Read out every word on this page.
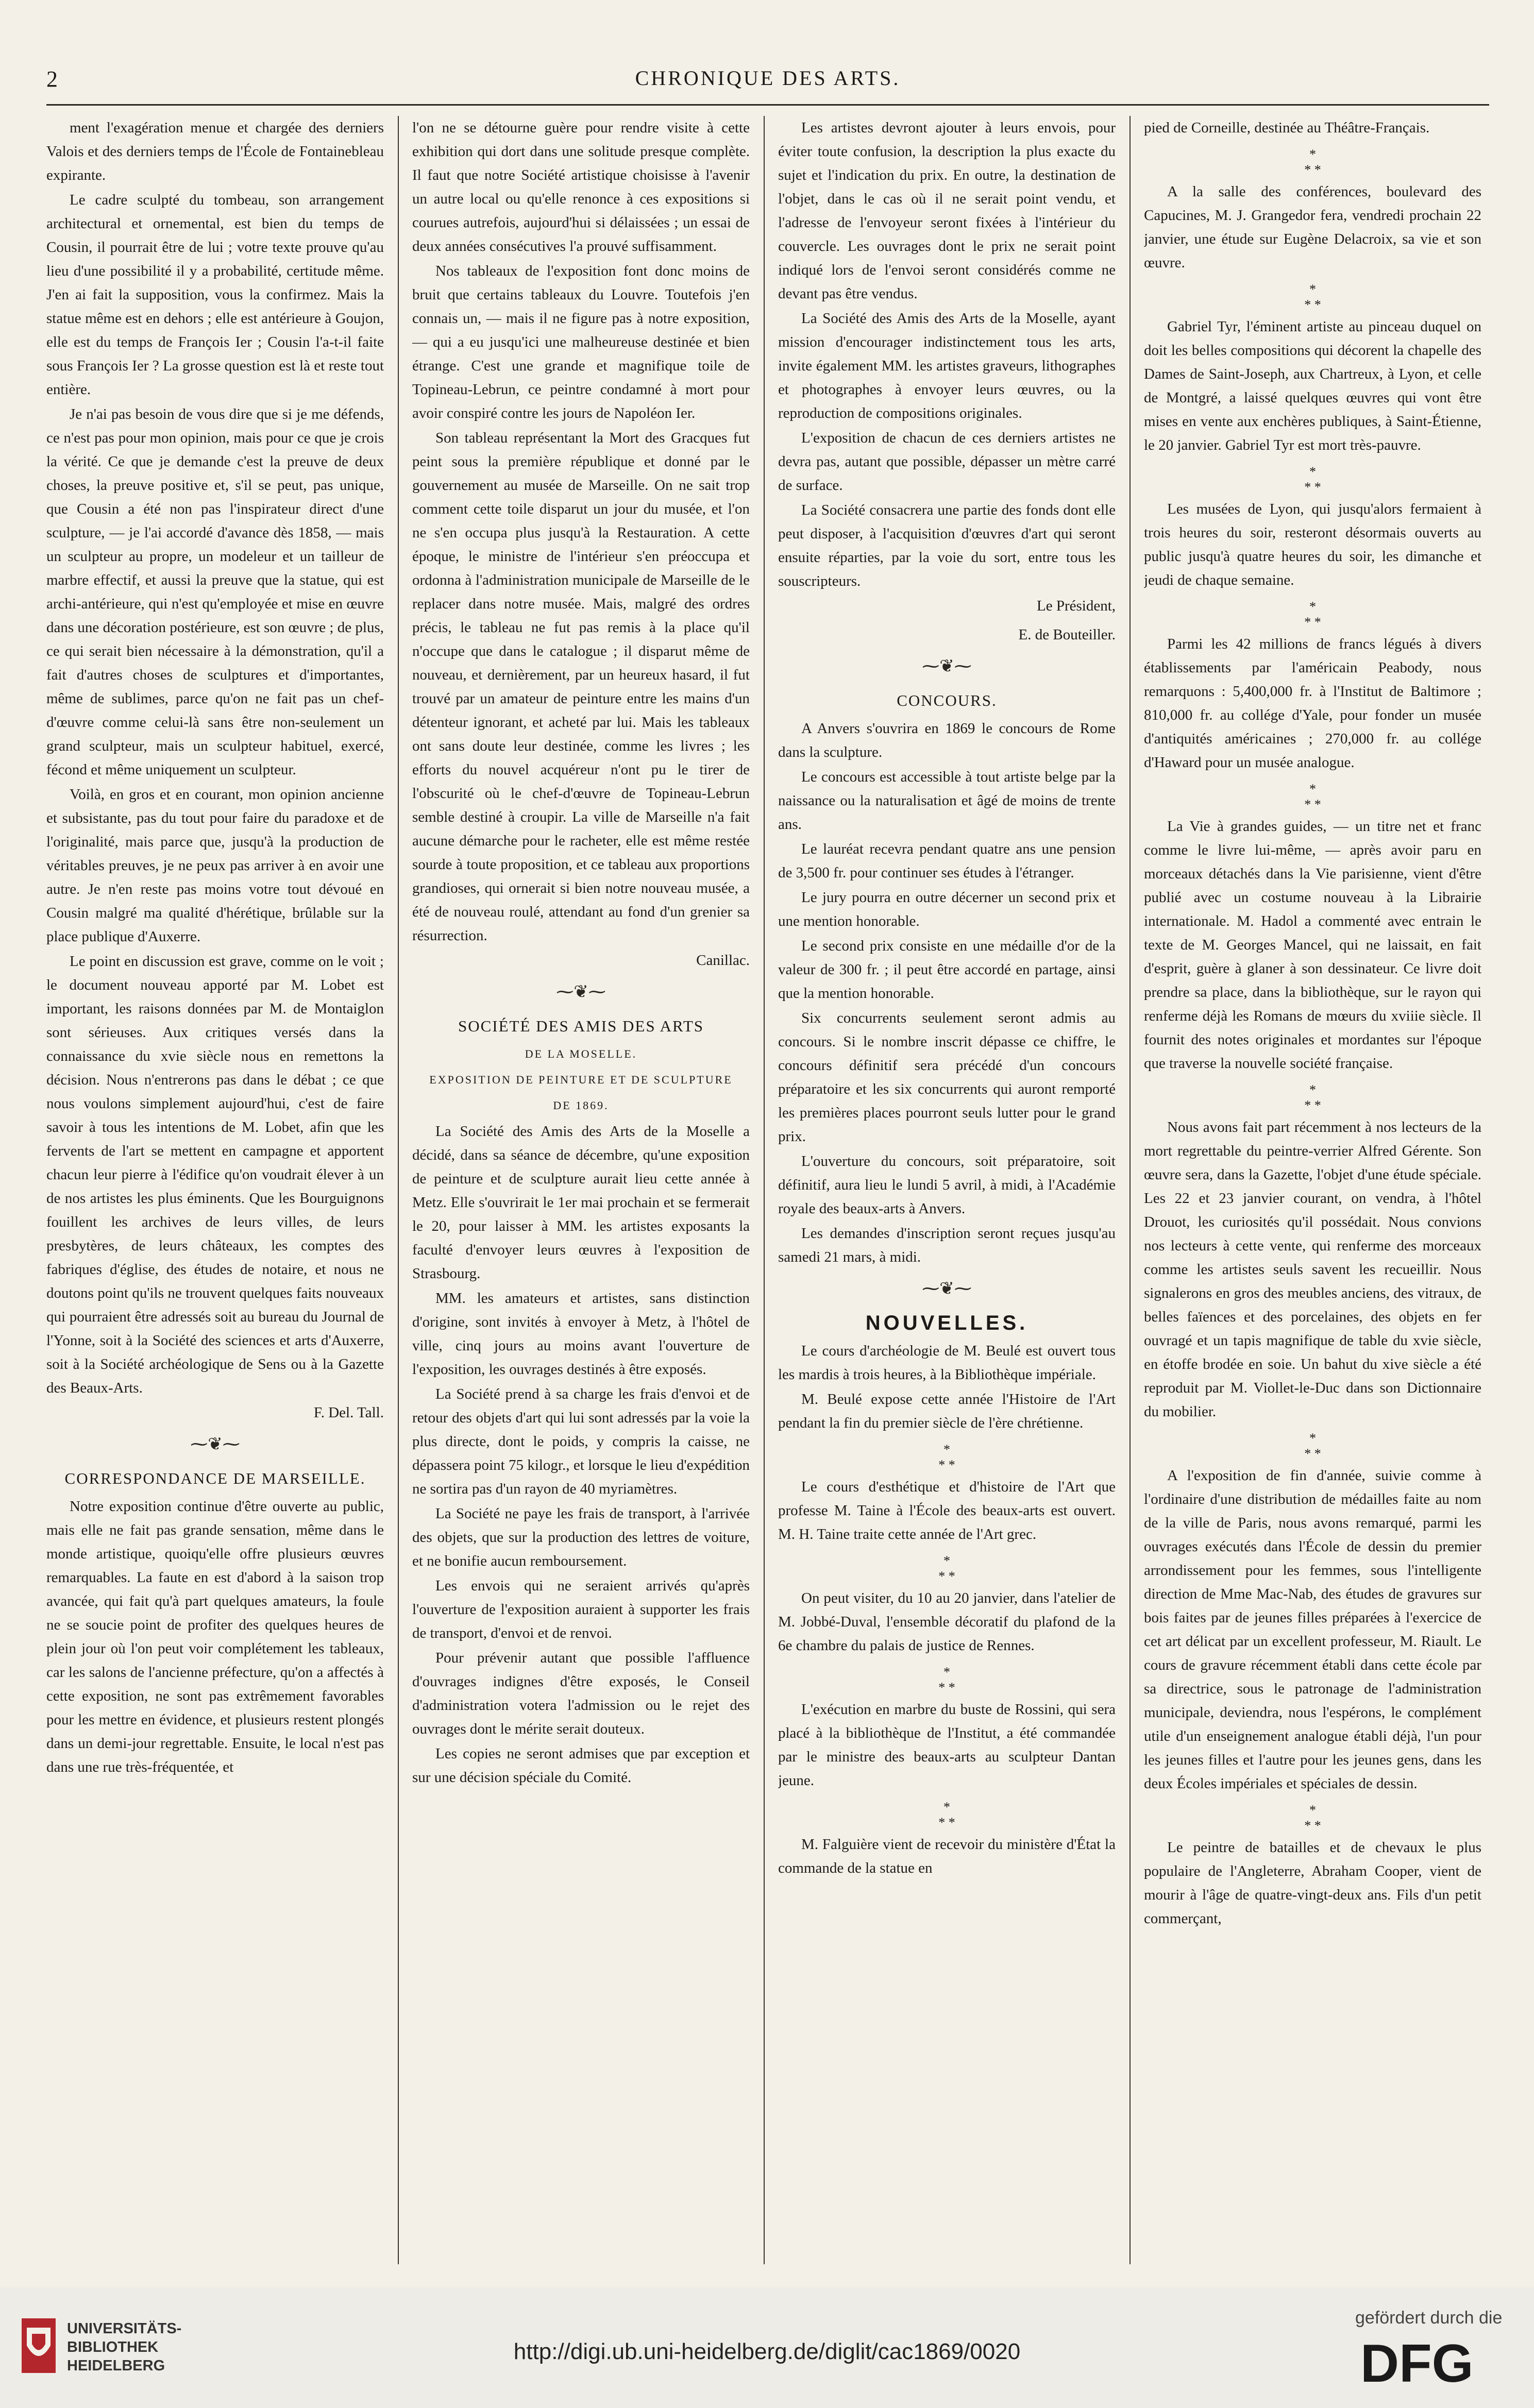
2	CHRONIQUE DES ARTS.

ment l'exagération menue et chargée des derniers Valois et des derniers temps de l'École de Fontainebleau expirante.

Le cadre sculpté du tombeau, son arrangement architectural et ornemental, est bien du temps de Cousin, il pourrait être de lui ; votre texte prouve qu'au lieu d'une possibilité il y a probabilité, certitude même. J'en ai fait la supposition, vous la confirmez. Mais la statue même est en dehors ; elle est antérieure à Goujon, elle est du temps de François Ier ; Cousin l'a-t-il faite sous François Ier ? La grosse question est là et reste tout entière.

Je n'ai pas besoin de vous dire que si je me défends, ce n'est pas pour mon opinion, mais pour ce que je crois la vérité. Ce que je demande c'est la preuve de deux choses, la preuve positive et, s'il se peut, pas unique, que Cousin a été non pas l'inspirateur direct d'une sculpture, — je l'ai accordé d'avance dès 1858, — mais un sculpteur au propre, un modeleur et un tailleur de marbre effectif, et aussi la preuve que la statue, qui est archi-antérieure, qui n'est qu'employée et mise en œuvre dans une décoration postérieure, est son œuvre ; de plus, ce qui serait bien nécessaire à la démonstration, qu'il a fait d'autres choses de sculptures et d'importantes, même de sublimes, parce qu'on ne fait pas un chef-d'œuvre comme celui-là sans être non-seulement un grand sculpteur, mais un sculpteur habituel, exercé, fécond et même uniquement un sculpteur.

Voilà, en gros et en courant, mon opinion ancienne et subsistante, pas du tout pour faire du paradoxe et de l'originalité, mais parce que, jusqu'à la production de véritables preuves, je ne peux pas arriver à en avoir une autre. Je n'en reste pas moins votre tout dévoué en Cousin malgré ma qualité d'hérétique, brûlable sur la place publique d'Auxerre.

Le point en discussion est grave, comme on le voit ; le document nouveau apporté par M. Lobet est important, les raisons données par M. de Montaiglon sont sérieuses. Aux critiques versés dans la connaissance du xvie siècle nous en remettons la décision. Nous n'entrerons pas dans le débat ; ce que nous voulons simplement aujourd'hui, c'est de faire savoir à tous les intentions de M. Lobet, afin que les fervents de l'art se mettent en campagne et apportent chacun leur pierre à l'édifice qu'on voudrait élever à un de nos artistes les plus éminents. Que les Bourguignons fouillent les archives de leurs villes, de leurs presbytères, de leurs châteaux, les comptes des fabriques d'église, des études de notaire, et nous ne doutons point qu'ils ne trouvent quelques faits nouveaux qui pourraient être adressés soit au bureau du Journal de l'Yonne, soit à la Société des sciences et arts d'Auxerre, soit à la Société archéologique de Sens ou à la Gazette des Beaux-Arts.

F. Del. Tall.
⁓❦⁓
CORRESPONDANCE DE MARSEILLE.

Notre exposition continue d'être ouverte au public, mais elle ne fait pas grande sensation, même dans le monde artistique, quoiqu'elle offre plusieurs œuvres remarquables. La faute en est d'abord à la saison trop avancée, qui fait qu'à part quelques amateurs, la foule ne se soucie point de profiter des quelques heures de plein jour où l'on peut voir complétement les tableaux, car les salons de l'ancienne préfecture, qu'on a affectés à cette exposition, ne sont pas extrêmement favorables pour les mettre en évidence, et plusieurs restent plongés dans un demi-jour regrettable. Ensuite, le local n'est pas dans une rue très-fréquentée, et

l'on ne se détourne guère pour rendre visite à cette exhibition qui dort dans une solitude presque complète. Il faut que notre Société artistique choisisse à l'avenir un autre local ou qu'elle renonce à ces expositions si courues autrefois, aujourd'hui si délaissées ; un essai de deux années consécutives l'a prouvé suffisamment.

Nos tableaux de l'exposition font donc moins de bruit que certains tableaux du Louvre. Toutefois j'en connais un, — mais il ne figure pas à notre exposition, — qui a eu jusqu'ici une malheureuse destinée et bien étrange. C'est une grande et magnifique toile de Topineau-Lebrun, ce peintre condamné à mort pour avoir conspiré contre les jours de Napoléon Ier.

Son tableau représentant la Mort des Gracques fut peint sous la première république et donné par le gouvernement au musée de Marseille. On ne sait trop comment cette toile disparut un jour du musée, et l'on ne s'en occupa plus jusqu'à la Restauration. A cette époque, le ministre de l'intérieur s'en préoccupa et ordonna à l'administration municipale de Marseille de le replacer dans notre musée. Mais, malgré des ordres précis, le tableau ne fut pas remis à la place qu'il n'occupe que dans le catalogue ; il disparut même de nouveau, et dernièrement, par un heureux hasard, il fut trouvé par un amateur de peinture entre les mains d'un détenteur ignorant, et acheté par lui. Mais les tableaux ont sans doute leur destinée, comme les livres ; les efforts du nouvel acquéreur n'ont pu le tirer de l'obscurité où le chef-d'œuvre de Topineau-Lebrun semble destiné à croupir. La ville de Marseille n'a fait aucune démarche pour le racheter, elle est même restée sourde à toute proposition, et ce tableau aux proportions grandioses, qui ornerait si bien notre nouveau musée, a été de nouveau roulé, attendant au fond d'un grenier sa résurrection.

Canillac.
⁓❦⁓
SOCIÉTÉ DES AMIS DES ARTS
DE LA MOSELLE.
EXPOSITION DE PEINTURE ET DE SCULPTURE
DE 1869.

La Société des Amis des Arts de la Moselle a décidé, dans sa séance de décembre, qu'une exposition de peinture et de sculpture aurait lieu cette année à Metz. Elle s'ouvrirait le 1er mai prochain et se fermerait le 20, pour laisser à MM. les artistes exposants la faculté d'envoyer leurs œuvres à l'exposition de Strasbourg.

MM. les amateurs et artistes, sans distinction d'origine, sont invités à envoyer à Metz, à l'hôtel de ville, cinq jours au moins avant l'ouverture de l'exposition, les ouvrages destinés à être exposés.

La Société prend à sa charge les frais d'envoi et de retour des objets d'art qui lui sont adressés par la voie la plus directe, dont le poids, y compris la caisse, ne dépassera point 75 kilogr., et lorsque le lieu d'expédition ne sortira pas d'un rayon de 40 myriamètres.

La Société ne paye les frais de transport, à l'arrivée des objets, que sur la production des lettres de voiture, et ne bonifie aucun remboursement.

Les envois qui ne seraient arrivés qu'après l'ouverture de l'exposition auraient à supporter les frais de transport, d'envoi et de renvoi.

Pour prévenir autant que possible l'affluence d'ouvrages indignes d'être exposés, le Conseil d'administration votera l'admission ou le rejet des ouvrages dont le mérite serait douteux.

Les copies ne seront admises que par exception et sur une décision spéciale du Comité.

Les artistes devront ajouter à leurs envois, pour éviter toute confusion, la description la plus exacte du sujet et l'indication du prix. En outre, la destination de l'objet, dans le cas où il ne serait point vendu, et l'adresse de l'envoyeur seront fixées à l'intérieur du couvercle. Les ouvrages dont le prix ne serait point indiqué lors de l'envoi seront considérés comme ne devant pas être vendus.

La Société des Amis des Arts de la Moselle, ayant mission d'encourager indistinctement tous les arts, invite également MM. les artistes graveurs, lithographes et photographes à envoyer leurs œuvres, ou la reproduction de compositions originales.

L'exposition de chacun de ces derniers artistes ne devra pas, autant que possible, dépasser un mètre carré de surface.

La Société consacrera une partie des fonds dont elle peut disposer, à l'acquisition d'œuvres d'art qui seront ensuite réparties, par la voie du sort, entre tous les souscripteurs.

Le Président,
E. de Bouteiller.
⁓❦⁓
CONCOURS.

A Anvers s'ouvrira en 1869 le concours de Rome dans la sculpture.

Le concours est accessible à tout artiste belge par la naissance ou la naturalisation et âgé de moins de trente ans.

Le lauréat recevra pendant quatre ans une pension de 3,500 fr. pour continuer ses études à l'étranger.

Le jury pourra en outre décerner un second prix et une mention honorable.

Le second prix consiste en une médaille d'or de la valeur de 300 fr. ; il peut être accordé en partage, ainsi que la mention honorable.

Six concurrents seulement seront admis au concours. Si le nombre inscrit dépasse ce chiffre, le concours définitif sera précédé d'un concours préparatoire et les six concurrents qui auront remporté les premières places pourront seuls lutter pour le grand prix.

L'ouverture du concours, soit préparatoire, soit définitif, aura lieu le lundi 5 avril, à midi, à l'Académie royale des beaux-arts à Anvers.

Les demandes d'inscription seront reçues jusqu'au samedi 21 mars, à midi.

⁓❦⁓
NOUVELLES.

Le cours d'archéologie de M. Beulé est ouvert tous les mardis à trois heures, à la Bibliothèque impériale.

M. Beulé expose cette année l'Histoire de l'Art pendant la fin du premier siècle de l'ère chrétienne.

*
* *

Le cours d'esthétique et d'histoire de l'Art que professe M. Taine à l'École des beaux-arts est ouvert. M. H. Taine traite cette année de l'Art grec.

*
* *

On peut visiter, du 10 au 20 janvier, dans l'atelier de M. Jobbé-Duval, l'ensemble décoratif du plafond de la 6e chambre du palais de justice de Rennes.

*
* *

L'exécution en marbre du buste de Rossini, qui sera placé à la bibliothèque de l'Institut, a été commandée par le ministre des beaux-arts au sculpteur Dantan jeune.

*
* *

M. Falguière vient de recevoir du ministère d'État la commande de la statue en

pied de Corneille, destinée au Théâtre-Français.

*
* *

A la salle des conférences, boulevard des Capucines, M. J. Grangedor fera, vendredi prochain 22 janvier, une étude sur Eugène Delacroix, sa vie et son œuvre.

*
* *

Gabriel Tyr, l'éminent artiste au pinceau duquel on doit les belles compositions qui décorent la chapelle des Dames de Saint-Joseph, aux Chartreux, à Lyon, et celle de Montgré, a laissé quelques œuvres qui vont être mises en vente aux enchères publiques, à Saint-Étienne, le 20 janvier. Gabriel Tyr est mort très-pauvre.

*
* *

Les musées de Lyon, qui jusqu'alors fermaient à trois heures du soir, resteront désormais ouverts au public jusqu'à quatre heures du soir, les dimanche et jeudi de chaque semaine.

*
* *

Parmi les 42 millions de francs légués à divers établissements par l'américain Peabody, nous remarquons : 5,400,000 fr. à l'Institut de Baltimore ; 810,000 fr. au collége d'Yale, pour fonder un musée d'antiquités américaines ; 270,000 fr. au collége d'Haward pour un musée analogue.

*
* *

La Vie à grandes guides, — un titre net et franc comme le livre lui-même, — après avoir paru en morceaux détachés dans la Vie parisienne, vient d'être publié avec un costume nouveau à la Librairie internationale. M. Hadol a commenté avec entrain le texte de M. Georges Mancel, qui ne laissait, en fait d'esprit, guère à glaner à son dessinateur. Ce livre doit prendre sa place, dans la bibliothèque, sur le rayon qui renferme déjà les Romans de mœurs du xviiie siècle. Il fournit des notes originales et mordantes sur l'époque que traverse la nouvelle société française.

*
* *

Nous avons fait part récemment à nos lecteurs de la mort regrettable du peintre-verrier Alfred Gérente. Son œuvre sera, dans la Gazette, l'objet d'une étude spéciale. Les 22 et 23 janvier courant, on vendra, à l'hôtel Drouot, les curiosités qu'il possédait. Nous convions nos lecteurs à cette vente, qui renferme des morceaux comme les artistes seuls savent les recueillir. Nous signalerons en gros des meubles anciens, des vitraux, de belles faïences et des porcelaines, des objets en fer ouvragé et un tapis magnifique de table du xvie siècle, en étoffe brodée en soie. Un bahut du xive siècle a été reproduit par M. Viollet-le-Duc dans son Dictionnaire du mobilier.

*
* *

A l'exposition de fin d'année, suivie comme à l'ordinaire d'une distribution de médailles faite au nom de la ville de Paris, nous avons remarqué, parmi les ouvrages exécutés dans l'École de dessin du premier arrondissement pour les femmes, sous l'intelligente direction de Mme Mac-Nab, des études de gravures sur bois faites par de jeunes filles préparées à l'exercice de cet art délicat par un excellent professeur, M. Riault. Le cours de gravure récemment établi dans cette école par sa directrice, sous le patronage de l'administration municipale, deviendra, nous l'espérons, le complément utile d'un enseignement analogue établi déjà, l'un pour les jeunes filles et l'autre pour les jeunes gens, dans les deux Écoles impériales et spéciales de dessin.

*
* *

Le peintre de batailles et de chevaux le plus populaire de l'Angleterre, Abraham Cooper, vient de mourir à l'âge de quatre-vingt-deux ans. Fils d'un petit commerçant,

UNIVERSITÄTS-
BIBLIOTHEK
HEIDELBERG
http://digi.ub.uni-heidelberg.de/diglit/cac1869/0020
gefördert durch die
DFG
